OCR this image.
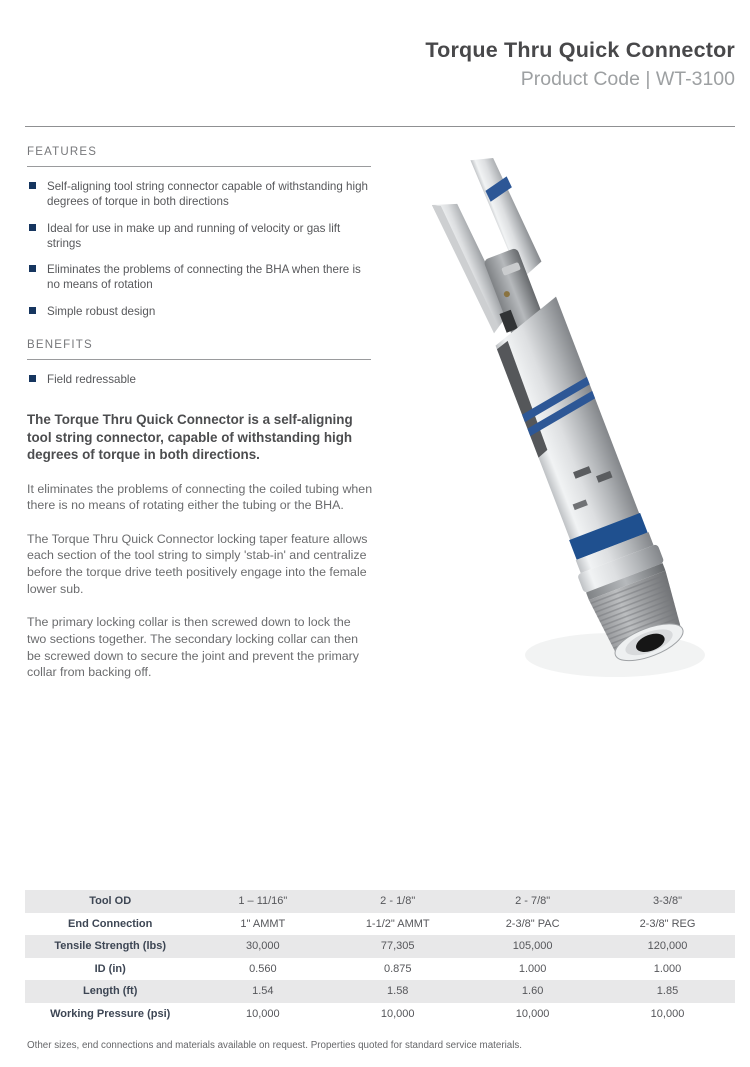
Torque Thru Quick Connector
Product Code | WT-3100
FEATURES
Self-aligning tool string connector capable of withstanding high degrees of torque in both directions
Ideal for use in make up and running of velocity or gas lift strings
Eliminates the problems of connecting the BHA when there is no means of rotation
Simple robust design
BENEFITS
Field redressable

The Torque Thru Quick Connector is a self-aligning tool string connector, capable of withstanding high degrees of torque in both directions.

It eliminates the problems of connecting the coiled tubing when there is no means of rotating either the tubing or the BHA.

The Torque Thru Quick Connector locking taper feature allows each section of the tool string to simply 'stab-in' and centralize before the torque drive teeth positively engage into the female lower sub.

The primary locking collar is then screwed down to lock the two sections together. The secondary locking collar can then be screwed down to secure the joint and prevent the primary collar from backing off.

Tool OD	1 – 11/16"	2 - 1/8"	2 - 7/8"	3-3/8"
End Connection	1" AMMT	1-1/2" AMMT	2-3/8" PAC	2-3/8" REG
Tensile Strength (lbs)	30,000	77,305	105,000	120,000
ID (in)	0.560	0.875	1.000	1.000
Length (ft)	1.54	1.58	1.60	1.85
Working Pressure (psi)	10,000	10,000	10,000	10,000
Other sizes, end connections and materials available on request. Properties quoted for standard service materials.
